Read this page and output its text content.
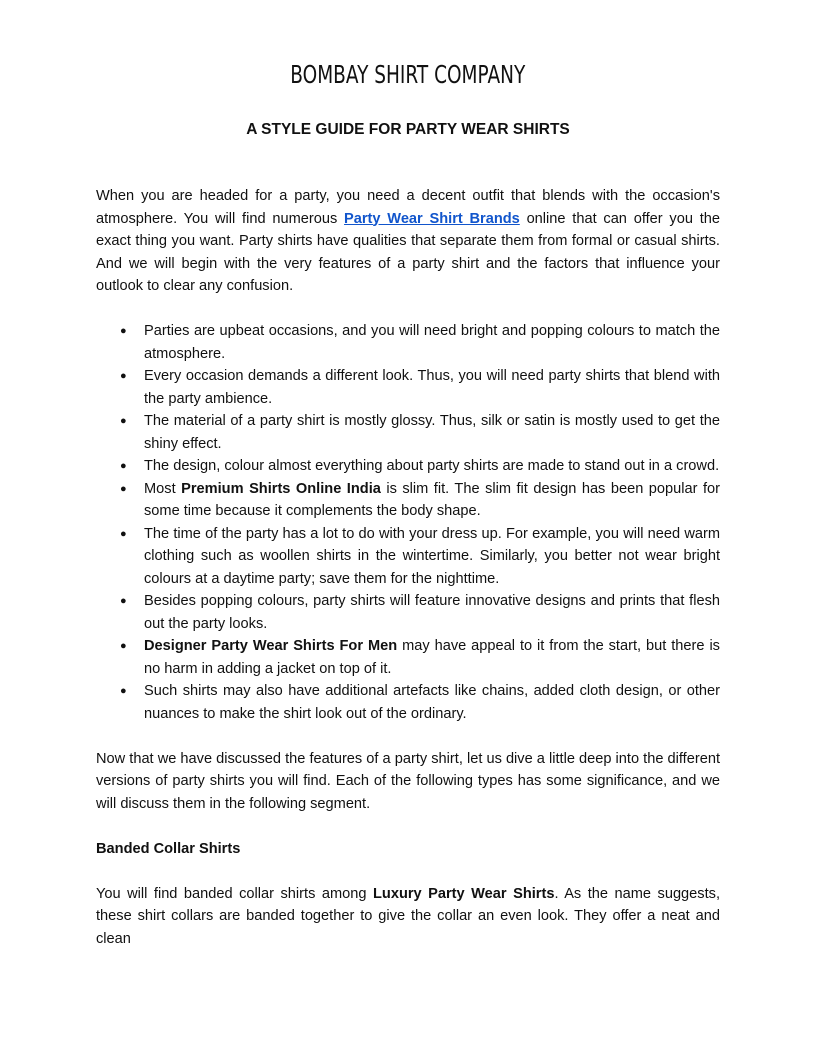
BOMBAY SHIRT COMPANY
A STYLE GUIDE FOR PARTY WEAR SHIRTS

When you are headed for a party, you need a decent outfit that blends with the occasion's atmosphere. You will find numerous Party Wear Shirt Brands online that can offer you the exact thing you want. Party shirts have qualities that separate them from formal or casual shirts. And we will begin with the very features of a party shirt and the factors that influence your outlook to clear any confusion.

● Parties are upbeat occasions, and you will need bright and popping colours to match the atmosphere.
● Every occasion demands a different look. Thus, you will need party shirts that blend with the party ambience.
● The material of a party shirt is mostly glossy. Thus, silk or satin is mostly used to get the shiny effect.
● The design, colour almost everything about party shirts are made to stand out in a crowd.
● Most Premium Shirts Online India is slim fit. The slim fit design has been popular for some time because it complements the body shape.
● The time of the party has a lot to do with your dress up. For example, you will need warm clothing such as woollen shirts in the wintertime. Similarly, you better not wear bright colours at a daytime party; save them for the nighttime.
● Besides popping colours, party shirts will feature innovative designs and prints that flesh out the party looks.
● Designer Party Wear Shirts For Men may have appeal to it from the start, but there is no harm in adding a jacket on top of it.
● Such shirts may also have additional artefacts like chains, added cloth design, or other nuances to make the shirt look out of the ordinary.

Now that we have discussed the features of a party shirt, let us dive a little deep into the different versions of party shirts you will find. Each of the following types has some significance, and we will discuss them in the following segment.

Banded Collar Shirts

You will find banded collar shirts among Luxury Party Wear Shirts. As the name suggests, these shirt collars are banded together to give the collar an even look. They offer a neat and clean
